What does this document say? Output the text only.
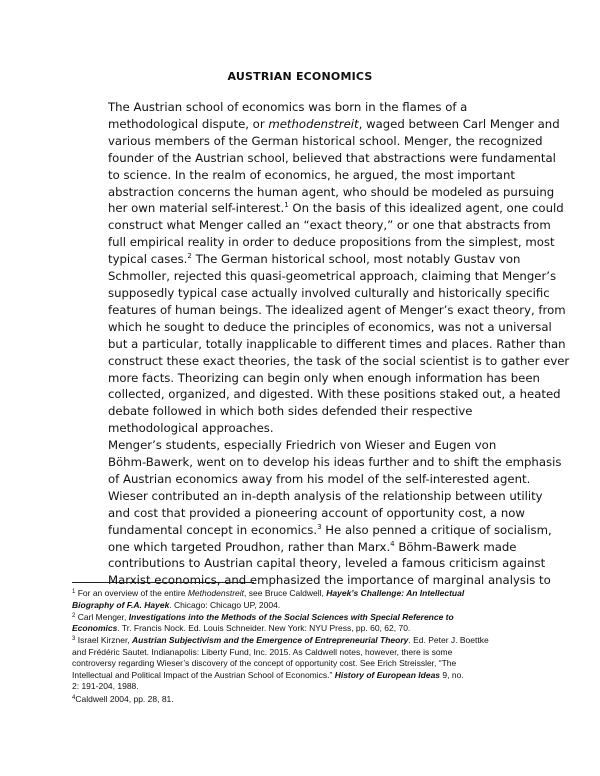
AUSTRIAN ECONOMICS

The Austrian school of economics was born in the flames of a
methodological dispute, or methodenstreit, waged between Carl Menger and
various members of the German historical school. Menger, the recognized
founder of the Austrian school, believed that abstractions were fundamental
to science. In the realm of economics, he argued, the most important
abstraction concerns the human agent, who should be modeled as pursuing
her own material self-interest.$^1$ On the basis of this idealized agent, one could
construct what Menger called an “exact theory,” or one that abstracts from
full empirical reality in order to deduce propositions from the simplest, most
typical cases.$^2$ The German historical school, most notably Gustav von
Schmoller, rejected this quasi-geometrical approach, claiming that Menger’s
supposedly typical case actually involved culturally and historically specific
features of human beings. The idealized agent of Menger’s exact theory, from
which he sought to deduce the principles of economics, was not a universal
but a particular, totally inapplicable to different times and places. Rather than
construct these exact theories, the task of the social scientist is to gather ever
more facts. Theorizing can begin only when enough information has been
collected, organized, and digested. With these positions staked out, a heated
debate followed in which both sides defended their respective
methodological approaches.

Menger’s students, especially Friedrich von Wieser and Eugen von
Böhm-Bawerk, went on to develop his ideas further and to shift the emphasis
of Austrian economics away from his model of the self-interested agent.
Wieser contributed an in-depth analysis of the relationship between utility
and cost that provided a pioneering account of opportunity cost, a now
fundamental concept in economics.$^3$ He also penned a critique of socialism,
one which targeted Proudhon, rather than Marx.$^4$ Böhm-Bawerk made
contributions to Austrian capital theory, leveled a famous criticism against
Marxist economics, and emphasized the importance of marginal analysis to

$^1$ For an overview of the entire Methodenstreit, see Bruce Caldwell, Hayek’s Challenge: An Intellectual
Biography of F.A. Hayek. Chicago: Chicago UP, 2004.
$^2$ Carl Menger, Investigations into the Methods of the Social Sciences with Special Reference to
Economics. Tr. Francis Nock. Ed. Louis Schneider. New York: NYU Press, pp. 60, 62, 70.
$^3$ Israel Kirzner, Austrian Subjectivism and the Emergence of Entrepreneurial Theory. Ed. Peter J. Boettke
and Frédéric Sautet. Indianapolis: Liberty Fund, Inc. 2015. As Caldwell notes, however, there is some
controversy regarding Wieser’s discovery of the concept of opportunity cost. See Erich Streissler, “The
Intellectual and Political Impact of the Austrian School of Economics.” History of European Ideas 9, no.
2: 191-204, 1988.
$^4$Caldwell 2004, pp. 28, 81.
